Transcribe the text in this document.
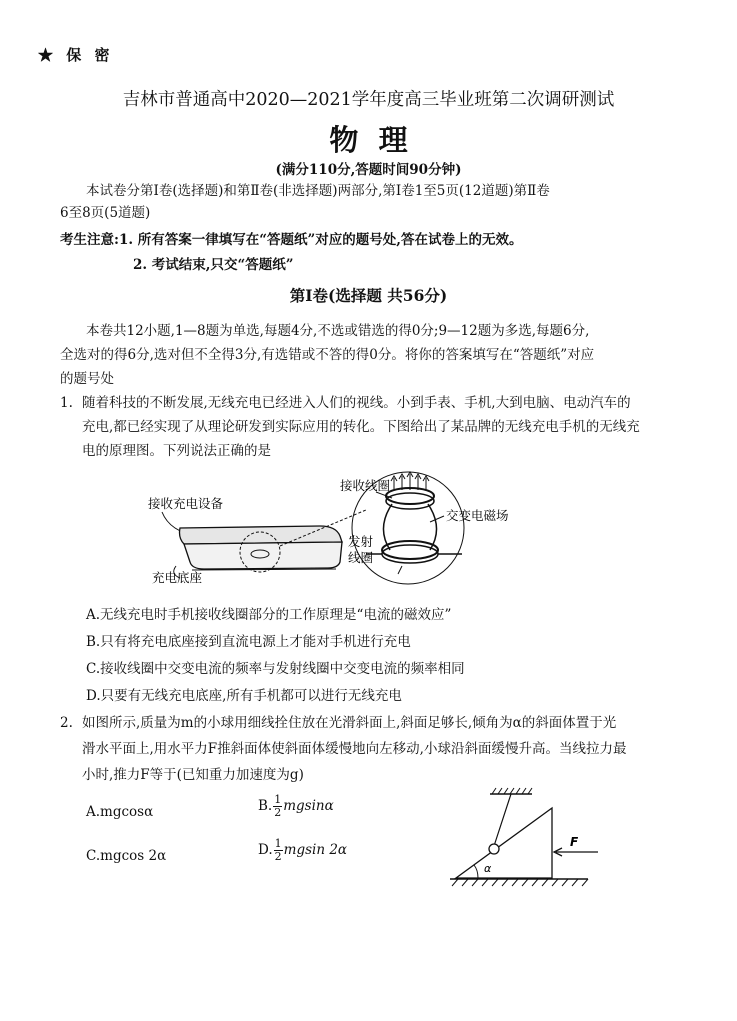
★ 保 密
吉林市普通高中2020—2021学年度高三毕业班第二次调研测试
物  理
(满分110分,答题时间90分钟)
本试卷分第Ⅰ卷(选择题)和第Ⅱ卷(非选择题)两部分,第Ⅰ卷1至5页(12道题)第Ⅱ卷
6至8页(5道题)
考生注意:1. 所有答案一律填写在“答题纸”对应的题号处,答在试卷上的无效。
2. 考试结束,只交“答题纸”
第Ⅰ卷(选择题 共56分)
本卷共12小题,1—8题为单选,每题4分,不选或错选的得0分;9—12题为多选,每题6分,
全选对的得6分,选对但不全得3分,有选错或不答的得0分。将你的答案填写在“答题纸”对应
的题号处
1. 随着科技的不断发展,无线充电已经进入人们的视线。小到手表、手机,大到电脑、电动汽车的
充电,都已经实现了从理论研发到实际应用的转化。下图给出了某品牌的无线充电手机的无线充
电的原理图。下列说法正确的是
接收充电设备
充电底座
接收线圈
交变电磁场
发射
线圈
A.无线充电时手机接收线圈部分的工作原理是“电流的磁效应”
B.只有将充电底座接到直流电源上才能对手机进行充电
C.接收线圈中交变电流的频率与发射线圈中交变电流的频率相同
D.只要有无线充电底座,所有手机都可以进行无线充电
2. 如图所示,质量为m的小球用细线拴住放在光滑斜面上,斜面足够长,倾角为α的斜面体置于光
滑水平面上,用水平力F推斜面体使斜面体缓慢地向左移动,小球沿斜面缓慢升高。当线拉力最
小时,推力F等于(已知重力加速度为g)
A.mgcosα	B. $\frac{1}{2}$ mgsinα
C.mgcos 2α	D. $\frac{1}{2}$ mgsin 2α
α
F
